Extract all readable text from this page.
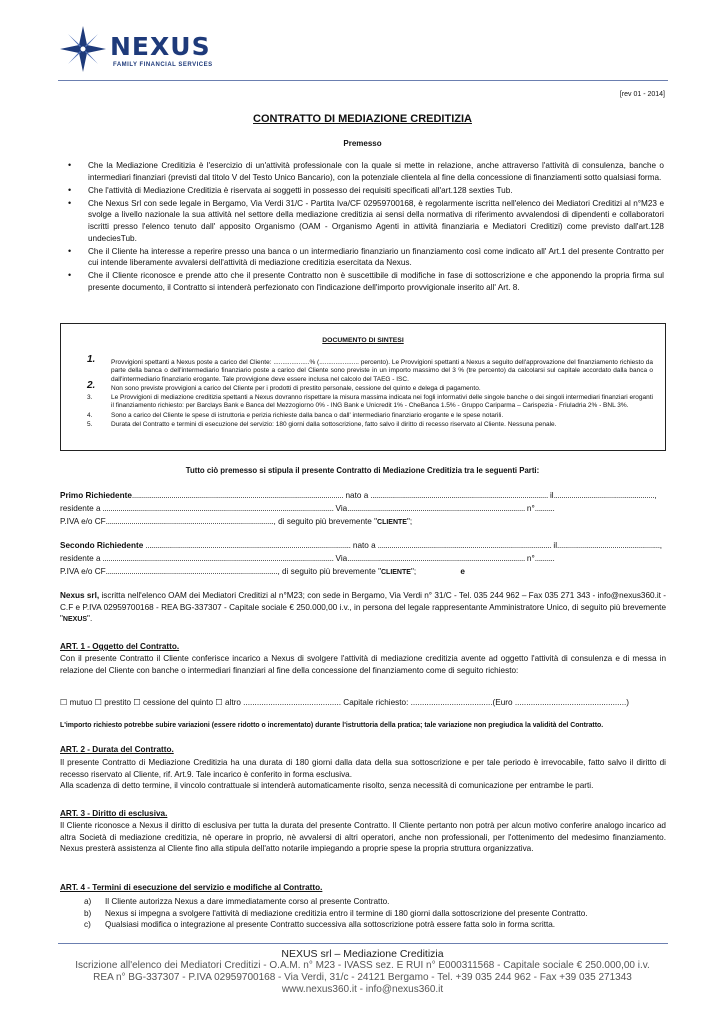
NEXUS
FAMILY FINANCIAL SERVICES
[rev 01 - 2014]
CONTRATTO DI MEDIAZIONE CREDITIZIA
Premesso
• Che la Mediazione Creditizia è l'esercizio di un'attività professionale con la quale si mette in relazione, anche attraverso l'attività di consulenza, banche o intermediari finanziari (previsti dal titolo V del Testo Unico Bancario), con la potenziale clientela al fine della concessione di finanziamenti sotto qualsiasi forma.
• Che l'attività di Mediazione Creditizia è riservata ai soggetti in possesso dei requisiti specificati all'art.128 sexties Tub.
• Che Nexus Srl con sede legale in Bergamo, Via Verdi 31/C - Partita Iva/CF 02959700168, è regolarmente iscritta nell'elenco dei Mediatori Creditizi al n°M23 e svolge a livello nazionale la sua attività nel settore della mediazione creditizia ai sensi della normativa di riferimento avvalendosi di dipendenti e collaboratori iscritti presso l'elenco tenuto dall' apposito Organismo (OAM - Organismo Agenti in attività finanziaria e Mediatori Creditizi) come previsto dall'art.128 undeciesTub.
• Che il Cliente ha interesse a reperire presso una banca o un intermediario finanziario un finanziamento così come indicato all' Art.1 del presente Contratto per cui intende liberamente avvalersi dell'attività di mediazione creditizia esercitata da Nexus.
• Che il Cliente riconosce e prende atto che il presente Contratto non è suscettibile di modifiche in fase di sottoscrizione e che apponendo la propria firma sul presente documento, il Contratto si intenderà perfezionato con l'indicazione dell'importo provvigionale inserito all' Art. 8.
DOCUMENTO DI SINTESI
1. Provvigioni spettanti a Nexus poste a carico del Cliente: ....................% (...................... percento). Le Provvigioni spettanti a Nexus a seguito dell'approvazione del finanziamento richiesto da parte della banca o dell'intermediario finanziario poste a carico del Cliente sono previste in un importo massimo del 3 % (tre percento) da calcolarsi sul capitale accordato dalla banca o dall'intermediario finanziario erogante. Tale provvigione deve essere inclusa nel calcolo del TAEG - ISC.
2. Non sono previste provvigioni a carico del Cliente per i prodotti di prestito personale, cessione del quinto e delega di pagamento.
3.	Le Provvigioni di mediazione creditizia spettanti a Nexus dovranno rispettare la misura massima indicata nei fogli informativi delle singole banche o dei singoli intermediari finanziari eroganti il finanziamento richiesto: per Barclays Bank e Banca del Mezzogiorno 0% - ING Bank e Unicredit 1% - CheBanca 1.5% - Gruppo Cariparma – Carispezia - Friuladria 2% - BNL 3%.
4.	Sono a carico del Cliente le spese di istruttoria e perizia richieste dalla banca o dall' intermediario finanziario erogante e le spese notarili.
5.	Durata del Contratto e termini di esecuzione del servizio: 180 giorni dalla sottoscrizione, fatto salvo il diritto di recesso riservato al Cliente. Nessuna penale.
Tutto ciò premesso si stipula il presente Contratto di Mediazione Creditizia tra le seguenti Parti:
Primo Richiedente........................................................................................................... nato a .......................................................................................... il...................................................,
residente a ..................................................................................................................... Via.......................................................................................... n°..........
P.IVA e/o CF....................................................................................., di seguito più brevemente "CLIENTE";
Secondo Richiedente ........................................................................................................ nato a ........................................................................................ il....................................................,
residente a ..................................................................................................................... Via.......................................................................................... n°..........
P.IVA e/o CF......................................................................................., di seguito più brevemente "CLIENTE";	e
Nexus srl, iscritta nell'elenco OAM dei Mediatori Creditizi al n°M23; con sede in Bergamo, Via Verdi n° 31/C - Tel. 035 244 962 – Fax 035 271 343 - info@nexus360.it - C.F e P.IVA 02959700168 - REA BG-337307 - Capitale sociale € 250.000,00 i.v., in persona del legale rappresentante Amministratore Unico, di seguito più brevemente "NEXUS".
ART. 1 - Oggetto del Contratto.
Con il presente Contratto il Cliente conferisce incarico a Nexus di svolgere l'attività di mediazione creditizia avente ad oggetto l'attività di consulenza e di messa in relazione del Cliente con banche o intermediari finanziari al fine della concessione del finanziamento come di seguito richiesto:
☐ mutuo ☐ prestito ☐ cessione del quinto ☐ altro ........................................... Capitale richiesto: ....................................(Euro .................................................)
L'importo richiesto potrebbe subire variazioni (essere ridotto o incrementato) durante l'istruttoria della pratica; tale variazione non pregiudica la validità del Contratto.
ART. 2 - Durata del Contratto.
Il presente Contratto di Mediazione Creditizia ha una durata di 180 giorni dalla data della sua sottoscrizione e per tale periodo è irrevocabile, fatto salvo il diritto di recesso riservato al Cliente, rif. Art.9. Tale incarico è conferito in forma esclusiva.
Alla scadenza di detto termine, il vincolo contrattuale si intenderà automaticamente risolto, senza necessità di comunicazione per entrambe le parti.
ART. 3 - Diritto di esclusiva.
Il Cliente riconosce a Nexus il diritto di esclusiva per tutta la durata del presente Contratto. Il Cliente pertanto non potrà per alcun motivo conferire analogo incarico ad altra Società di mediazione creditizia, nè operare in proprio, nè avvalersi di altri operatori, anche non professionali, per l'ottenimento del medesimo finanziamento. Nexus presterà assistenza al Cliente fino alla stipula dell'atto notarile impiegando a proprie spese la propria struttura organizzativa.
ART. 4 - Termini di esecuzione del servizio e modifiche al Contratto.
a) Il Cliente autorizza Nexus a dare immediatamente corso al presente Contratto.
b) Nexus si impegna a svolgere l'attività di mediazione creditizia entro il termine di 180 giorni dalla sottoscrizione del presente Contratto.
c) Qualsiasi modifica o integrazione al presente Contratto successiva alla sottoscrizione potrà essere fatta solo in forma scritta.
NEXUS srl – Mediazione Creditizia
Iscrizione all'elenco dei Mediatori Creditizi - O.A.M. n° M23 - IVASS sez. E RUI n° E000311568 - Capitale sociale € 250.000,00 i.v.
REA n° BG-337307 - P.IVA 02959700168 - Via Verdi, 31/c - 24121 Bergamo - Tel. +39 035 244 962 - Fax +39 035 271343
www.nexus360.it - info@nexus360.it
